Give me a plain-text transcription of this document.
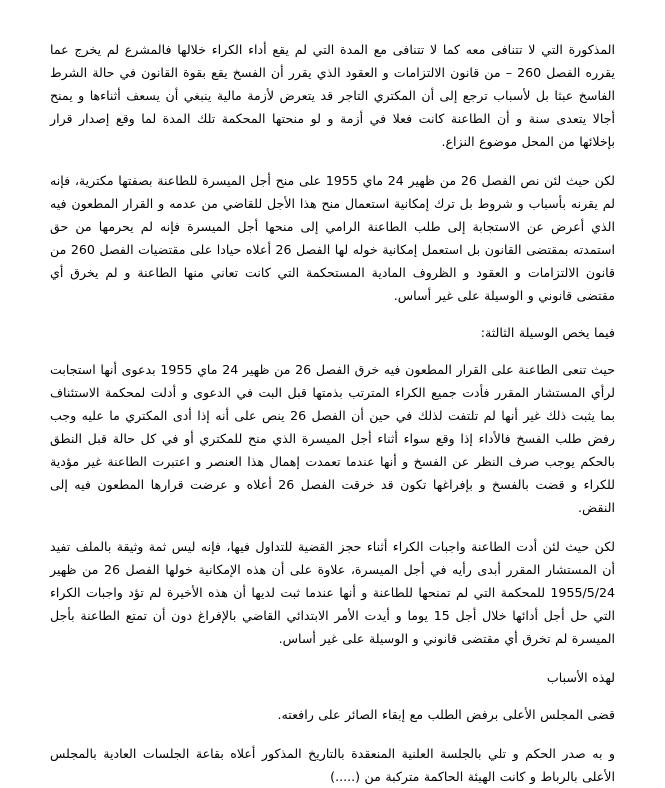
المذكورة التي لا تتنافى معه كما لا تتنافى مع المدة التي لم يقع أداء الكراء خلالها فالمشرع لم يخرج عما يقرره الفصل 260 – من قانون الالتزامات و العقود الذي يقرر أن الفسخ يقع بقوة القانون في حالة الشرط الفاسخ عبثا بل لأسباب ترجع إلى أن المكتري التاجر قد يتعرض لأزمة مالية ينبغي أن يسعف أثناءها و يمنح أجالا يتعدى سنة و أن الطاعنة كانت فعلا في أزمة و لو منحتها المحكمة تلك المدة لما وقع إصدار قرار بإخلائها من المحل موضوع النزاع.

لكن حيث لئن نص الفصل 26 من ظهير 24 ماي 1955 على منح أجل الميسرة للطاعنة بصفتها مكترية، فإنه لم يقرنه بأسباب و شروط بل ترك إمكانية استعمال منح هذا الأجل للقاضي من عدمه و القرار المطعون فيه الذي أعرض عن الاستجابة إلى طلب الطاعنة الرامي إلى منحها أجل الميسرة فإنه لم يحرمها من حق استمدته بمقتضى القانون بل استعمل إمكانية خوله لها الفصل 26 أعلاه حيادا على مقتضيات الفصل 260 من قانون الالتزامات و العقود و الظروف المادية المستحكمة التي كانت تعاني منها الطاعنة و لم يخرق أي مقتضى قانوني و الوسيلة على غير أساس.

فيما يخص الوسيلة الثالثة:

حيث تنعى الطاعنة على القرار المطعون فيه خرق الفصل 26 من ظهير 24 ماي 1955 بدعوى أنها استجابت لرأي المستشار المقرر فأدت جميع الكراء المترتب بذمتها قبل البت في الدعوى و أدلت لمحكمة الاستئناف بما يثبت ذلك غير أنها لم تلتفت لذلك في حين أن الفصل 26 ينص على أنه إذا أدى المكتري ما عليه وجب رفض طلب الفسخ فالأداء إذا وقع سواء أثناء أجل الميسرة الذي منح للمكتري أو في كل حالة قبل النطق بالحكم يوجب صرف النظر عن الفسخ و أنها عندما تعمدت إهمال هذا العنصر و اعتبرت الطاعنة غير مؤدية للكراء و قضت بالفسخ و بإفراغها تكون قد خرقت الفصل 26 أعلاه و عرضت قرارها المطعون فيه إلى النقض.

لكن حيث لئن أدت الطاعنة واجبات الكراء أثناء حجز القضية للتداول فيها، فإنه ليس ثمة وثيقة بالملف تفيد أن المستشار المقرر أبدى رأيه في أجل الميسرة، علاوة على أن هذه الإمكانية خولها الفصل 26 من ظهير 1955/5/24 للمحكمة التي لم تمنحها للطاعنة و أنها عندما ثبت لديها أن هذه الأخيرة لم تؤد واجبات الكراء التي حل أجل أدائها خلال أجل 15 يوما و أيدت الأمر الابتدائي القاضي بالإفراغ دون أن تمتع الطاعنة بأجل الميسرة لم تخرق أي مقتضى قانوني و الوسيلة على غير أساس.

لهذه الأسباب

قضى المجلس الأعلى برفض الطلب مع إبقاء الصائر على رافعته.

و به صدر الحكم و تلي بالجلسة العلنية المنعقدة بالتاريخ المذكور أعلاه بقاعة الجلسات العادية بالمجلس الأعلى بالرباط و كانت الهيئة الحاكمة متركبة من (.....)
